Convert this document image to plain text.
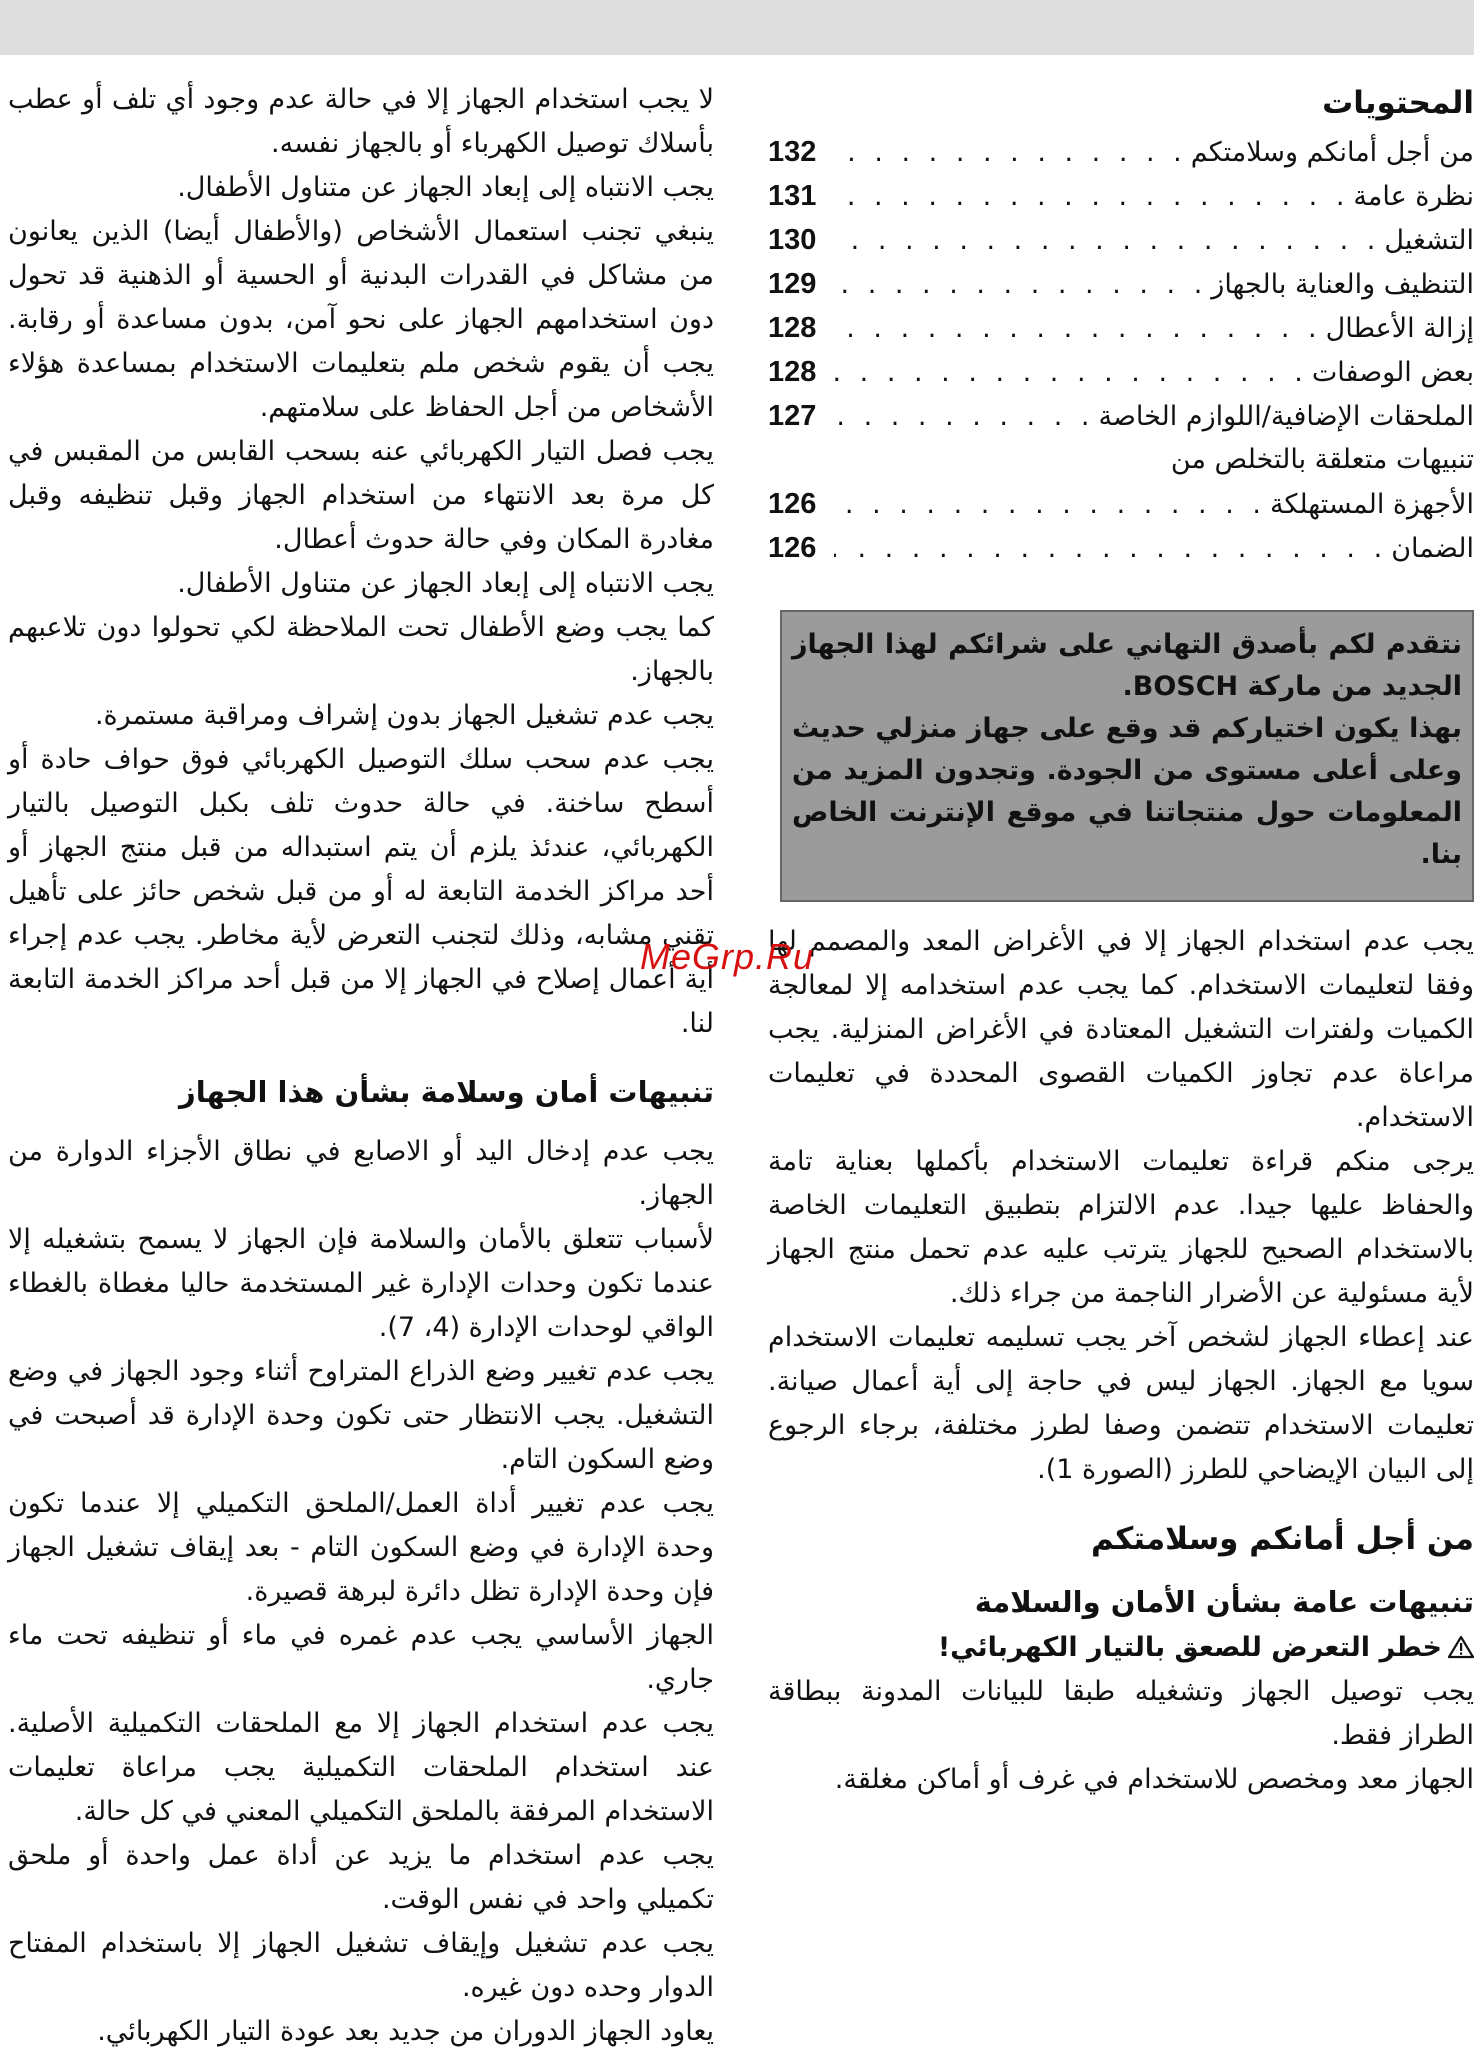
المحتويات
من أجل أمانكم وسلامتكم
. . .
132
نظرة عامة
. . .
131
التشغيل
. . .
130
التنظيف والعناية بالجهاز
. . .
129
إزالة الأعطال
. . .
128
بعض الوصفات
. . .
128
الملحقات الإضافية/اللوازم الخاصة
. . .
127
تنبيهات متعلقة بالتخلص من
الأجهزة المستهلكة
. . .
126
الضمان
. . .
126

نتقدم لكم بأصدق التهاني على شرائكم لهذا الجهاز الجديد من ماركة BOSCH.

بهذا يكون اختياركم قد وقع على جهاز منزلي حديث وعلى أعلى مستوى من الجودة. وتجدون المزيد من المعلومات حول منتجاتنا في موقع الإنترنت الخاص بنا.

يجب عدم استخدام الجهاز إلا في الأغراض المعد والمصمم لها وفقا لتعليمات الاستخدام. كما يجب عدم استخدامه إلا لمعالجة الكميات ولفترات التشغيل المعتادة في الأغراض المنزلية. يجب مراعاة عدم تجاوز الكميات القصوى المحددة في تعليمات الاستخدام.

يرجى منكم قراءة تعليمات الاستخدام بأكملها بعناية تامة والحفاظ عليها جيدا. عدم الالتزام بتطبيق التعليمات الخاصة بالاستخدام الصحيح للجهاز يترتب عليه عدم تحمل منتج الجهاز لأية مسئولية عن الأضرار الناجمة من جراء ذلك.

عند إعطاء الجهاز لشخص آخر يجب تسليمه تعليمات الاستخدام سويا مع الجهاز. الجهاز ليس في حاجة إلى أية أعمال صيانة. تعليمات الاستخدام تتضمن وصفا لطرز مختلفة، برجاء الرجوع إلى البيان الإيضاحي للطرز (الصورة 1).

من أجل أمانكم وسلامتكم
تنبيهات عامة بشأن الأمان والسلامة

خطر التعرض للصعق بالتيار الكهربائي!

يجب توصيل الجهاز وتشغيله طبقا للبيانات المدونة ببطاقة الطراز فقط.

الجهاز معد ومخصص للاستخدام في غرف أو أماكن مغلقة.

لا يجب استخدام الجهاز إلا في حالة عدم وجود أي تلف أو عطب بأسلاك توصيل الكهرباء أو بالجهاز نفسه.

يجب الانتباه إلى إبعاد الجهاز عن متناول الأطفال.

ينبغي تجنب استعمال الأشخاص (والأطفال أيضا) الذين يعانون من مشاكل في القدرات البدنية أو الحسية أو الذهنية قد تحول دون استخدامهم الجهاز على نحو آمن، بدون مساعدة أو رقابة. يجب أن يقوم شخص ملم بتعليمات الاستخدام بمساعدة هؤلاء الأشخاص من أجل الحفاظ على سلامتهم.

يجب فصل التيار الكهربائي عنه بسحب القابس من المقبس في كل مرة بعد الانتهاء من استخدام الجهاز وقبل تنظيفه وقبل مغادرة المكان وفي حالة حدوث أعطال.

يجب الانتباه إلى إبعاد الجهاز عن متناول الأطفال.

كما يجب وضع الأطفال تحت الملاحظة لكي تحولوا دون تلاعبهم بالجهاز.

يجب عدم تشغيل الجهاز بدون إشراف ومراقبة مستمرة.

يجب عدم سحب سلك التوصيل الكهربائي فوق حواف حادة أو أسطح ساخنة. في حالة حدوث تلف بكبل التوصيل بالتيار الكهربائي، عندئذ يلزم أن يتم استبداله من قبل منتج الجهاز أو أحد مراكز الخدمة التابعة له أو من قبل شخص حائز على تأهيل تقني مشابه، وذلك لتجنب التعرض لأية مخاطر. يجب عدم إجراء أية أعمال إصلاح في الجهاز إلا من قبل أحد مراكز الخدمة التابعة لنا.

تنبيهات أمان وسلامة بشأن هذا الجهاز

يجب عدم إدخال اليد أو الاصابع في نطاق الأجزاء الدوارة من الجهاز.

لأسباب تتعلق بالأمان والسلامة فإن الجهاز لا يسمح بتشغيله إلا عندما تكون وحدات الإدارة غير المستخدمة حاليا مغطاة بالغطاء الواقي لوحدات الإدارة (4، 7).

يجب عدم تغيير وضع الذراع المتراوح أثناء وجود الجهاز في وضع التشغيل. يجب الانتظار حتى تكون وحدة الإدارة قد أصبحت في وضع السكون التام.

يجب عدم تغيير أداة العمل/الملحق التكميلي إلا عندما تكون وحدة الإدارة في وضع السكون التام - بعد إيقاف تشغيل الجهاز فإن وحدة الإدارة تظل دائرة لبرهة قصيرة.

الجهاز الأساسي يجب عدم غمره في ماء أو تنظيفه تحت ماء جاري.

يجب عدم استخدام الجهاز إلا مع الملحقات التكميلية الأصلية. عند استخدام الملحقات التكميلية يجب مراعاة تعليمات الاستخدام المرفقة بالملحق التكميلي المعني في كل حالة.

يجب عدم استخدام ما يزيد عن أداة عمل واحدة أو ملحق تكميلي واحد في نفس الوقت.

يجب عدم تشغيل وإيقاف تشغيل الجهاز إلا باستخدام المفتاح الدوار وحده دون غيره.

يعاود الجهاز الدوران من جديد بعد عودة التيار الكهربائي.

MeGrp.Ru
